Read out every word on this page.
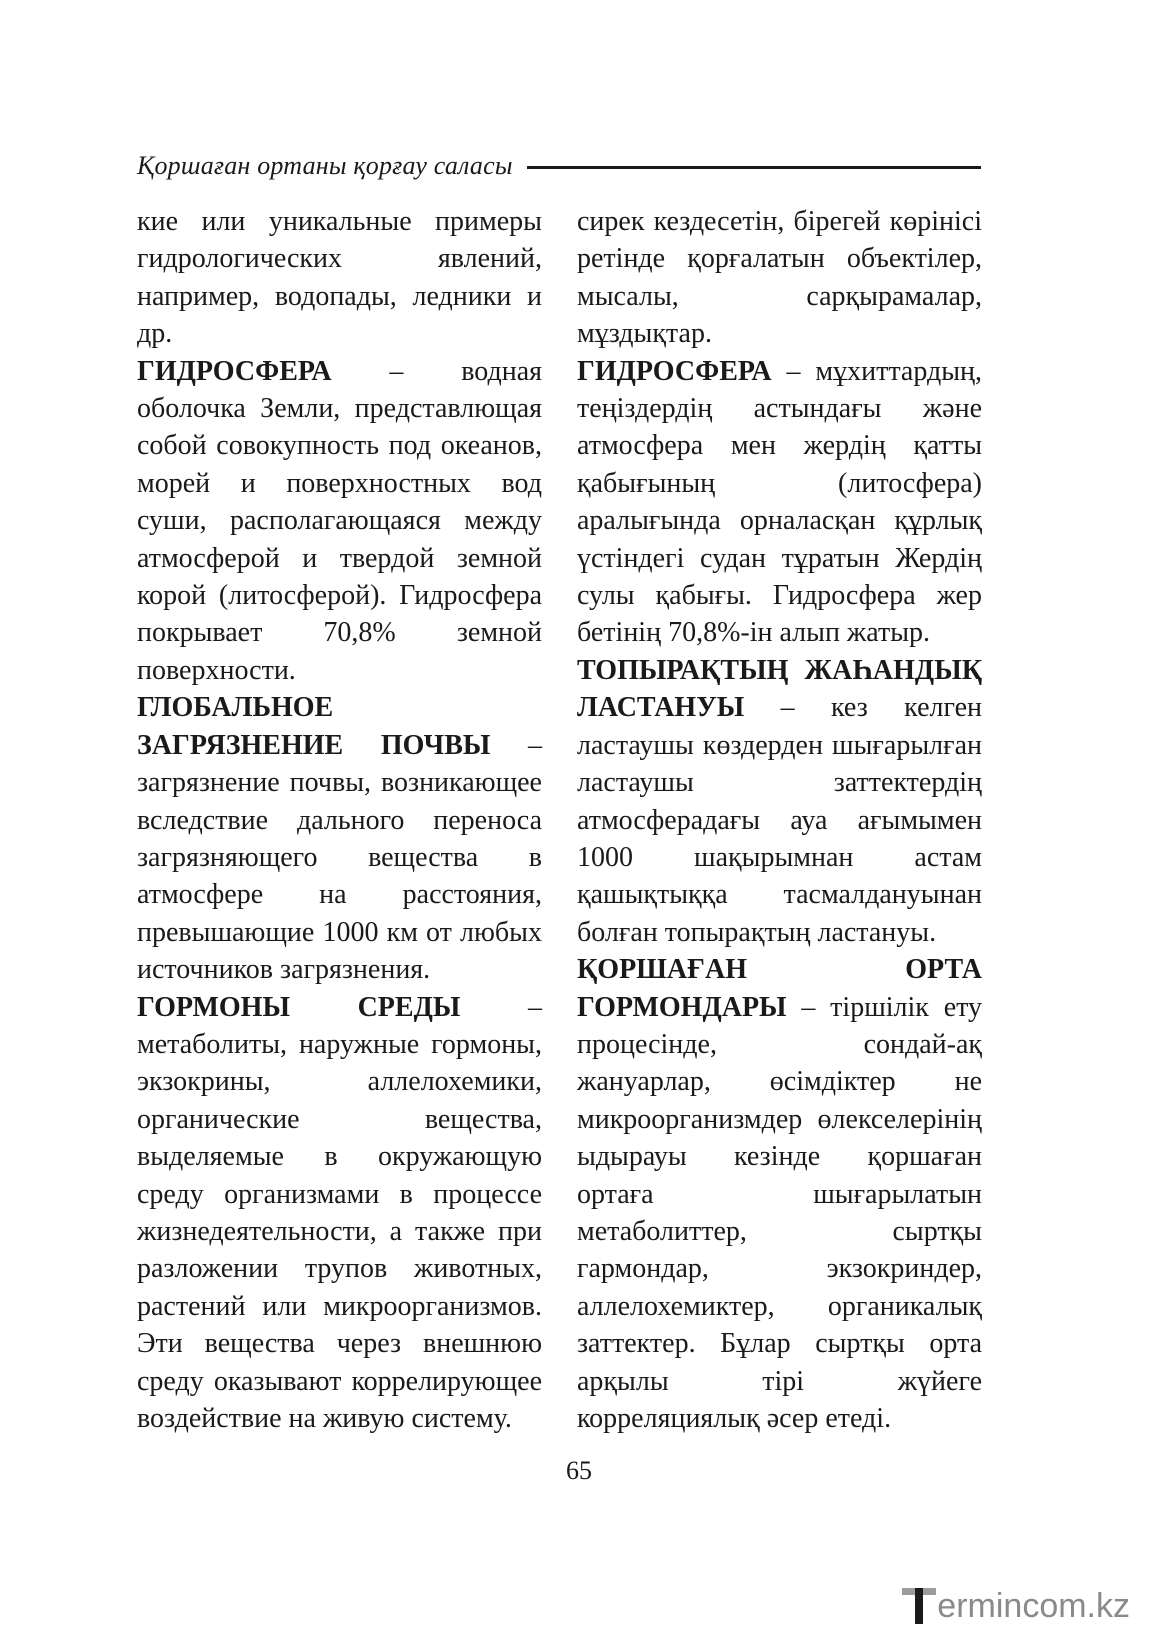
Қоршаған ортаны қорғау саласы

кие или уникальные примеры гидрологических явлений, например, водопады, ледники и др.

ГИДРОСФЕРА – водная оболочка Земли, представлющая собой совокупность под океанов, морей и поверхностных вод суши, располагающаяся между атмосферой и твердой земной корой (литосферой). Гидросфера покрывает 70,8% земной поверхности.

ГЛОБАЛЬНОЕ ЗАГРЯЗНЕНИЕ ПОЧВЫ – загрязнение почвы, возникающее вследствие дального переноса загрязняющего вещества в атмосфере на расстояния, превышающие 1000 км от любых источников загрязнения.

ГОРМОНЫ СРЕДЫ – метаболиты, наружные гормоны, экзокрины, аллелохемики, органические вещества, выделяемые в окружающую среду организмами в процессе жизнедеятельности, а также при разложении трупов животных, растений или микроорганизмов. Эти вещества через внешнюю среду оказывают коррелирующее воздействие на живую систему.

сирек кездесетін, бірегей көрінісі ретінде қорғалатын объектілер, мысалы, сарқырамалар, мұздықтар.

ГИДРОСФЕРА – мұхиттардың, теңіздердің астындағы және атмосфера мен жердің қатты қабығының (литосфера) аралығында орналасқан құрлық үстіндегі судан тұратын Жердің сулы қабығы. Гидросфера жер бетінің 70,8%-ін алып жатыр.

ТОПЫРАҚТЫҢ ЖАҺАНДЫҚ ЛАСТАНУЫ – кез келген ластаушы көздерден шығарылған ластаушы заттектердің атмосферадағы ауа ағымымен 1000 шақырымнан астам қашықтыққа тасмалдануынан болған топырақтың ластануы.

ҚОРШАҒАН ОРТА ГОРМОНДАРЫ – тіршілік ету процесінде, сондай-ақ жануарлар, өсімдіктер не микроорганизмдер өлекселерінің ыдырауы кезінде қоршаған ортаға шығарылатын метаболиттер, сыртқы гармондар, экзокриндер, аллелохемиктер, органикалық заттектер. Бұлар сыртқы орта арқылы тірі жүйеге корреляциялық әсер етеді.

65
ermincom.kz
